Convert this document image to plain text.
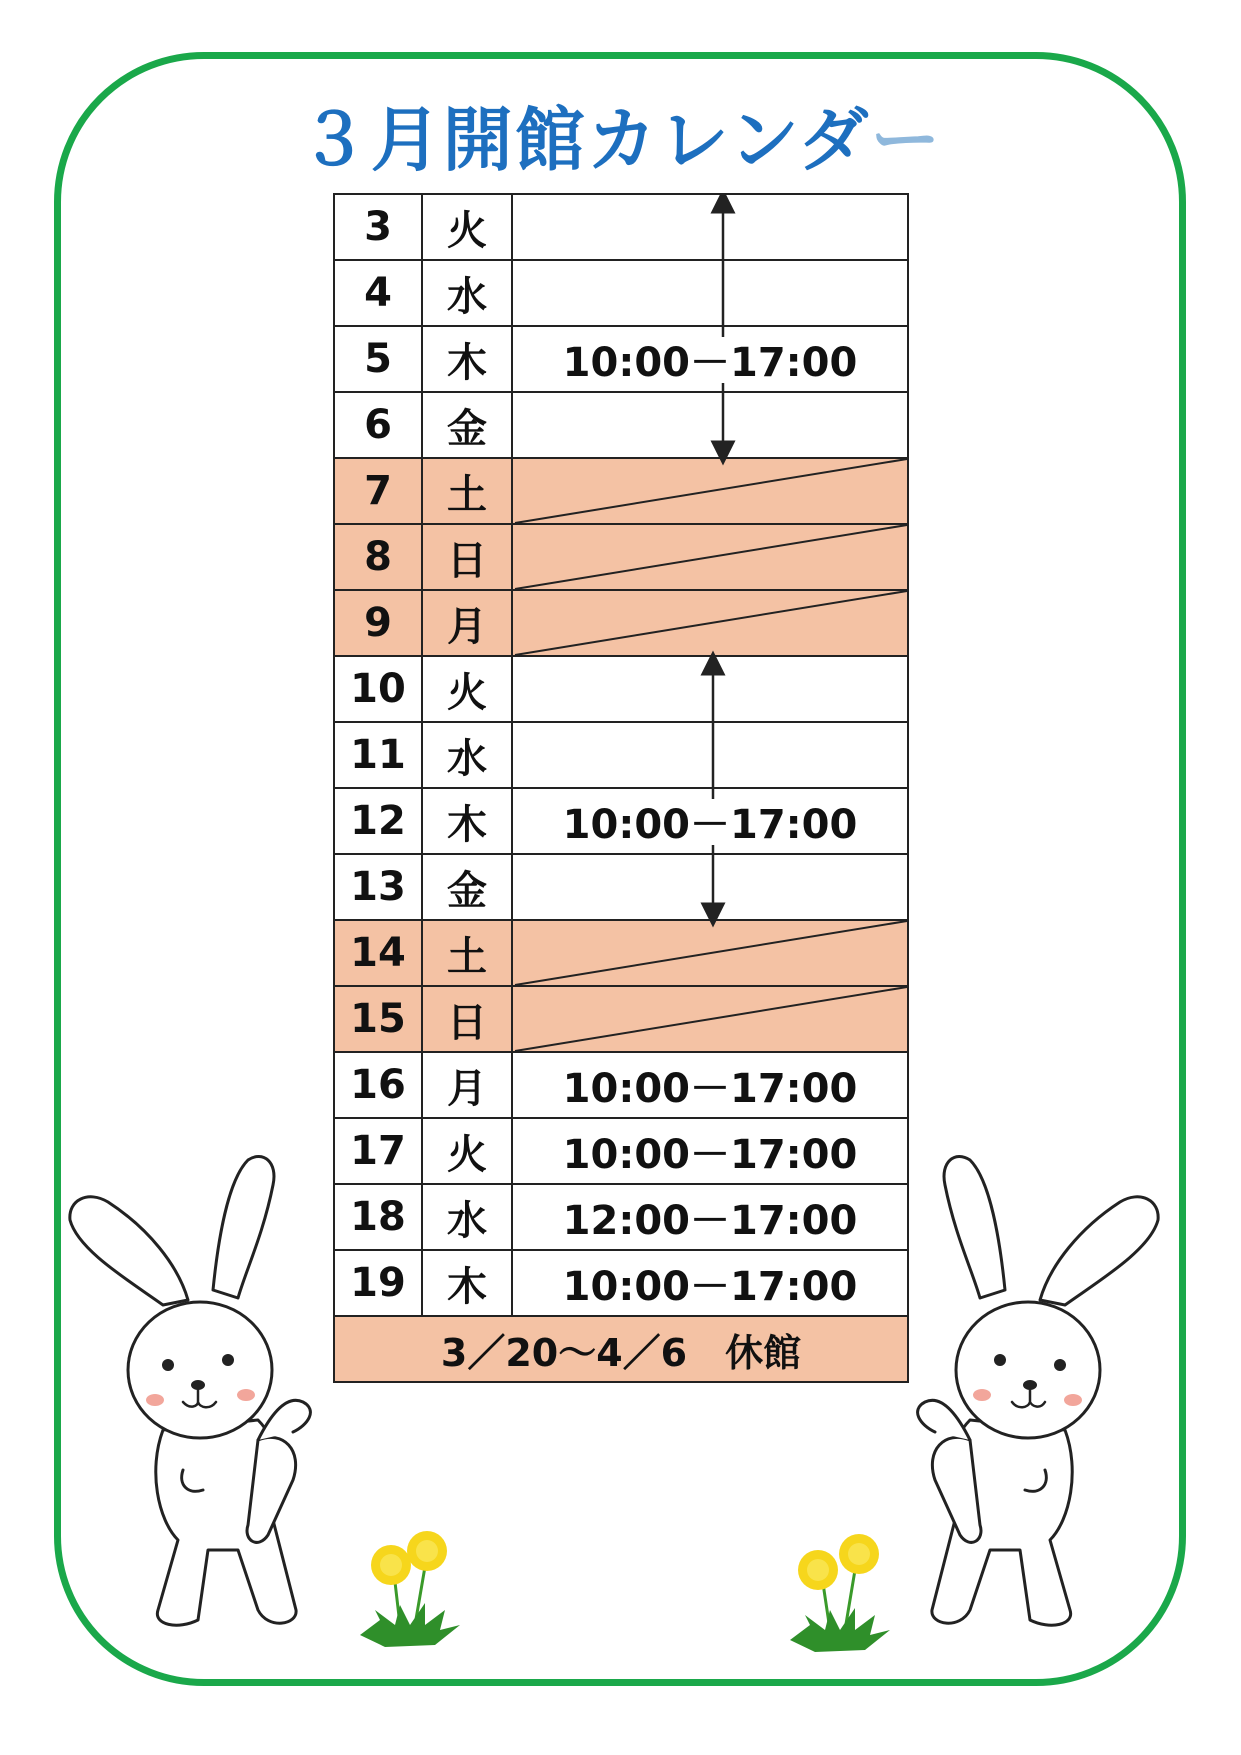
３月開館カレンダー
3	火
4	水
5	木	10:00－17:00
6	金
7	土
8	日
9	月
10	火
11	水
12	木	10:00－17:00
13	金
14	土
15	日
16	月	10:00－17:00
17	火	10:00－17:00
18	水	12:00－17:00
19	木	10:00－17:00
3／20～4／6　休館
